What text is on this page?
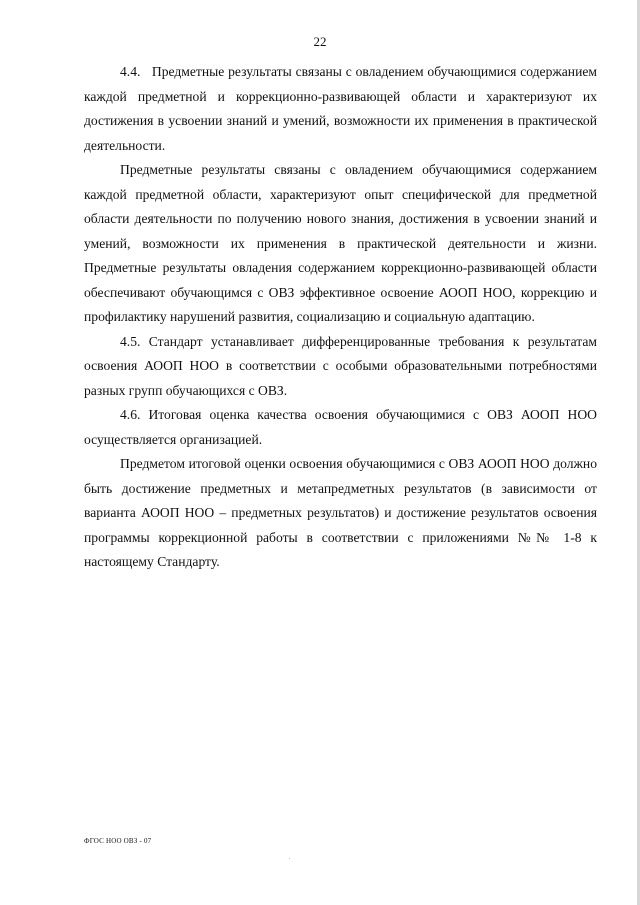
22

4.4.   Предметные результаты связаны с овладением обучающимися содержанием каждой предметной и коррекционно-развивающей области и характеризуют их достижения в усвоении знаний и умений, возможности их применения в практической деятельности.

Предметные результаты связаны с овладением обучающимися содержанием каждой предметной области, характеризуют опыт специфической для предметной области деятельности по получению нового знания, достижения в усвоении знаний и умений, возможности их применения в практической деятельности и жизни. Предметные результаты овладения содержанием коррекционно-развивающей области обеспечивают обучающимся с ОВЗ эффективное освоение АООП НОО, коррекцию и профилактику нарушений развития, социализацию и социальную адаптацию.

4.5. Стандарт устанавливает дифференцированные требования к результатам освоения АООП НОО в соответствии с особыми образовательными потребностями разных групп обучающихся с ОВЗ.

4.6. Итоговая оценка качества освоения обучающимися с ОВЗ АООП НОО осуществляется организацией.

Предметом итоговой оценки освоения обучающимися с ОВЗ АООП НОО должно быть достижение предметных и метапредметных результатов (в зависимости от варианта АООП НОО – предметных результатов) и достижение результатов освоения программы коррекционной работы в соответствии с приложениями №№ 1-8 к настоящему Стандарту.

ФГОС НОО ОВЗ - 07
